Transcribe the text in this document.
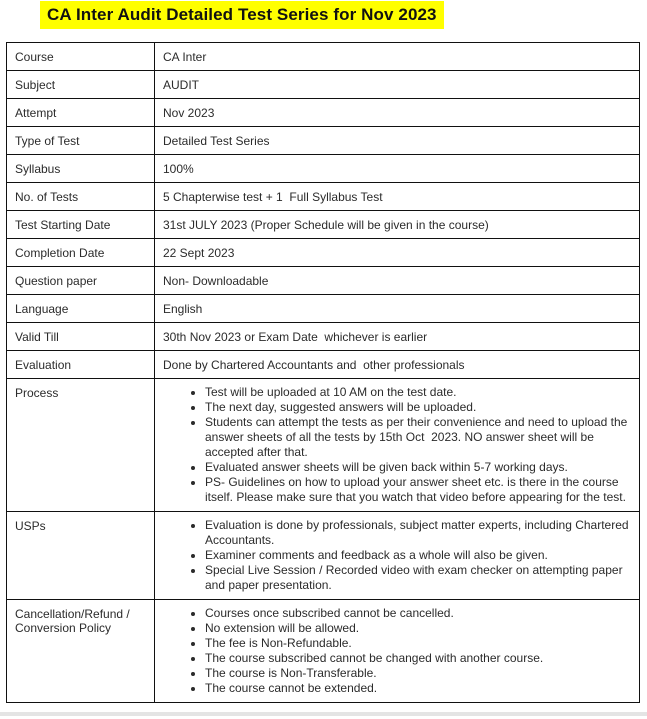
CA Inter Audit Detailed Test Series for Nov 2023
Course	CA Inter
Subject	AUDIT
Attempt	Nov 2023
Type of Test	Detailed Test Series
Syllabus	100%
No. of Tests	5 Chapterwise test + 1  Full Syllabus Test
Test Starting Date	31st JULY 2023 (Proper Schedule will be given in the course)
Completion Date	22 Sept 2023
Question paper	Non- Downloadable
Language	English
Valid Till	30th Nov 2023 or Exam Date  whichever is earlier
Evaluation	Done by Chartered Accountants and  other professionals
Process	
•Test will be uploaded at 10 AM on the test date.
• The next day, suggested answers will be uploaded.
• Students can attempt the tests as per their convenience and need to upload the answer sheets of all the tests by 15th Oct  2023. NO answer sheet will be accepted after that.
• Evaluated answer sheets will be given back within 5-7 working days.
• PS- Guidelines on how to upload your answer sheet etc. is there in the course itself. Please make sure that you watch that video before appearing for the test.

USPs	
•Evaluation is done by professionals, subject matter experts, including Chartered Accountants.
• Examiner comments and feedback as a whole will also be given.
• Special Live Session / Recorded video with exam checker on attempting paper and paper presentation.

Cancellation/Refund / Conversion Policy	
• Courses once subscribed cannot be cancelled.
• No extension will be allowed.
• The fee is Non-Refundable.
• The course subscribed cannot be changed with another course.
• The course is Non-Transferable.
• The course cannot be extended.
